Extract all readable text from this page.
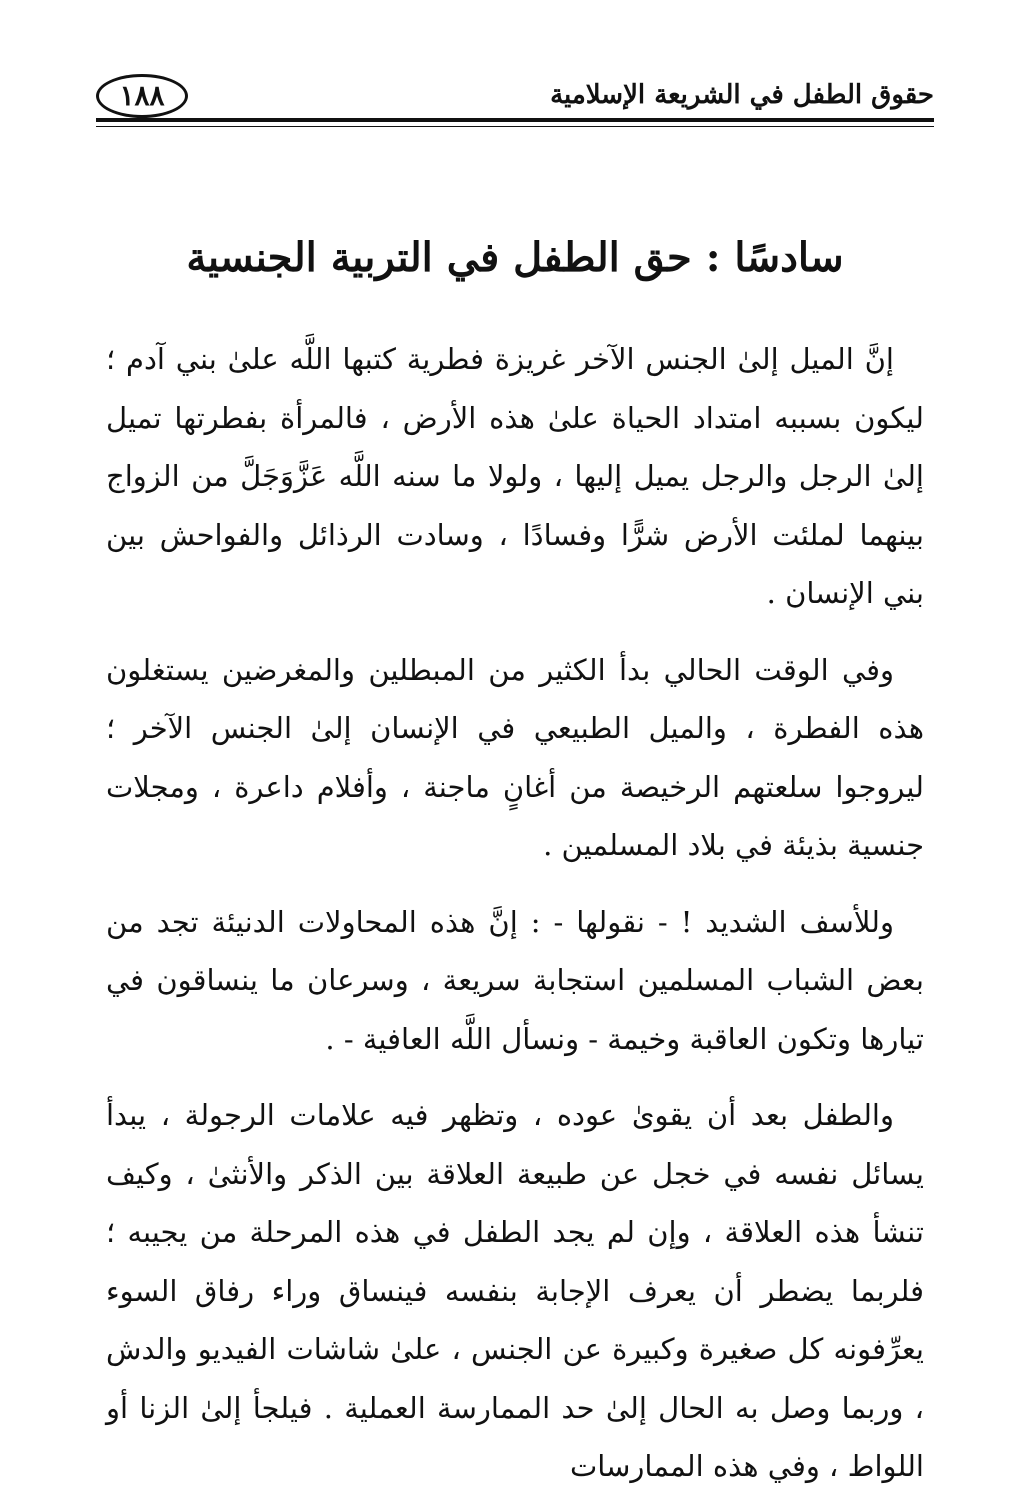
١٨٨	حقوق الطفل في الشريعة الإسلامية
سادسًا : حق الطفل في التربية الجنسية

إنَّ الميل إلىٰ الجنس الآخر غريزة فطرية كتبها اللَّه علىٰ بني آدم ؛ ليكون بسببه امتداد الحياة علىٰ هذه الأرض ، فالمرأة بفطرتها تميل إلىٰ الرجل والرجل يميل إليها ، ولولا ما سنه اللَّه عَزَّوَجَلَّ من الزواج بينهما لملئت الأرض شرًّا وفسادًا ، وسادت الرذائل والفواحش بين بني الإنسان .

وفي الوقت الحالي بدأ الكثير من المبطلين والمغرضين يستغلون هذه الفطرة ، والميل الطبيعي في الإنسان إلىٰ الجنس الآخر ؛ ليروجوا سلعتهم الرخيصة من أغانٍ ماجنة ، وأفلام داعرة ، ومجلات جنسية بذيئة في بلاد المسلمين .

وللأسف الشديد ! - نقولها - : إنَّ هذه المحاولات الدنيئة تجد من بعض الشباب المسلمين استجابة سريعة ، وسرعان ما ينساقون في تيارها وتكون العاقبة وخيمة - ونسأل اللَّه العافية - .

والطفل بعد أن يقوىٰ عوده ، وتظهر فيه علامات الرجولة ، يبدأ يسائل نفسه في خجل عن طبيعة العلاقة بين الذكر والأنثىٰ ، وكيف تنشأ هذه العلاقة ، وإن لم يجد الطفل في هذه المرحلة من يجيبه ؛ فلربما يضطر أن يعرف الإجابة بنفسه فينساق وراء رفاق السوء يعرِّفونه كل صغيرة وكبيرة عن الجنس ، علىٰ شاشات الفيديو والدش ، وربما وصل به الحال إلىٰ حد الممارسة العملية . فيلجأ إلىٰ الزنا أو اللواط ، وفي هذه الممارسات
